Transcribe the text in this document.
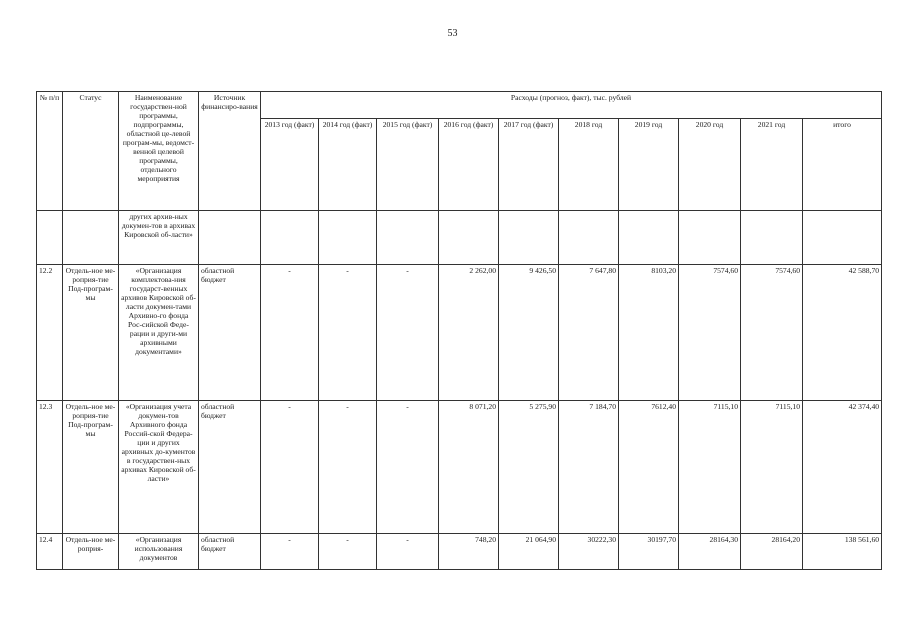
53
№ п/п	Статус	Наименование государствен-ной программы, подпрограммы, областной це-левой програм-мы, ведомст-венной целевой программы, отдельного мероприятия	Источник финансиро-вания	Расходы (прогноз, факт), тыс. рублей									
				2013 год (факт)	2014 год (факт)	2015 год (факт)	2016 год (факт)	2017 год (факт)	2018 год	2019 год	2020 год	2021 год	итого
		других архив-ных докумен-тов в архивах Кировской об-ласти»											
12.2	Отдель-ное ме-роприя-тие Под-програм-мы	«Организация комплектова-ния государст-венных архивов Кировской об-ласти докумен-тами Архивно-го фонда Рос-сийской Феде-рации и други-ми архивными документами»	областной бюджет	-	-	-	2 262,00	9 426,50	7 647,80	8103,20	7574,60	7574,60	42 588,70
12.3	Отдель-ное ме-роприя-тие Под-програм-мы	«Организация учета докумен-тов Архивного фонда Россий-ской Федера-ции и других архивных до-кументов в государствен-ных архивах Кировской об-ласти»	областной бюджет	-	-	-	8 071,20	5 275,90	7 184,70	7612,40	7115,10	7115,10	42 374,40
12.4	Отдель-ное ме-роприя-	«Организация использования документов	областной бюджет	-	-	-	748,20	21 064,90	30222,30	30197,70	28164,30	28164,20	138 561,60
